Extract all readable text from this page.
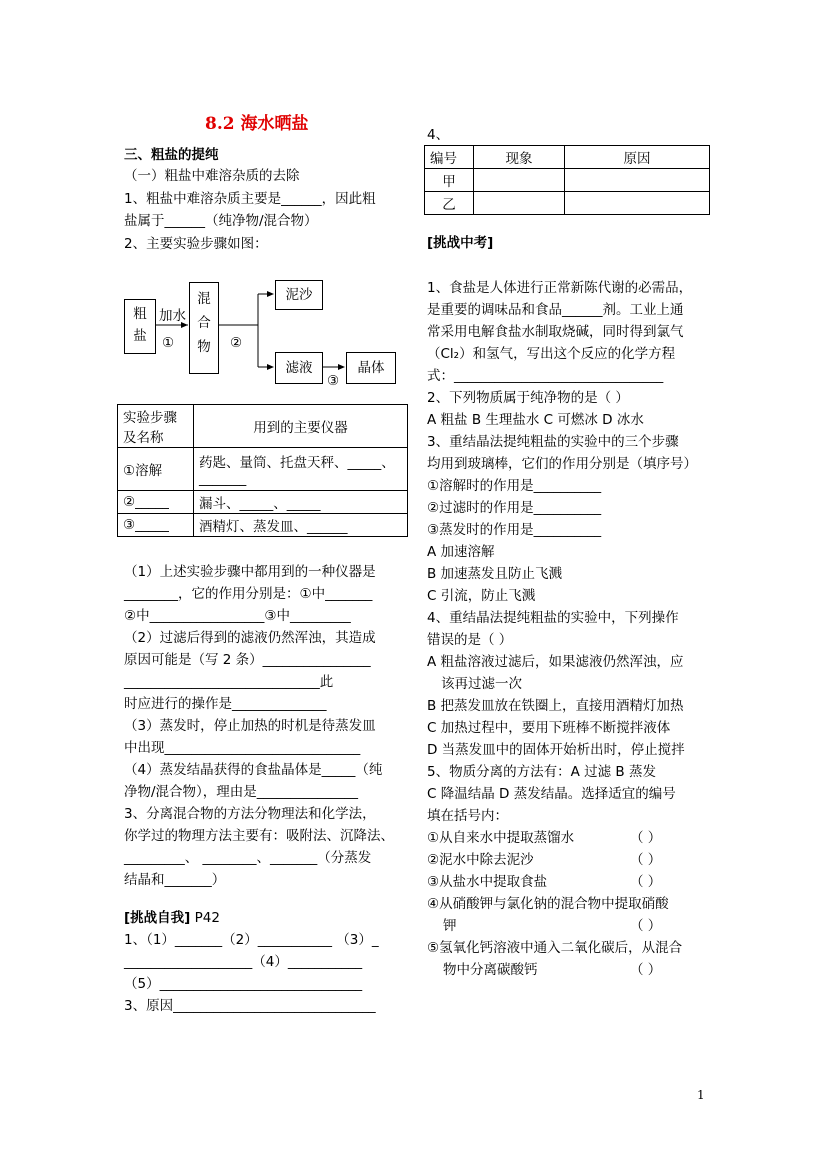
8.2 海水晒盐
三、粗盐的提纯
（一）粗盐中难溶杂质的去除
1、粗盐中难溶杂质主要是______，因此粗
盐属于______（纯净物/混合物）
2、主要实验步骤如图：
粗盐
加水
①
混合物	②
泥沙
滤液
③
晶体
实验步骤及名称	用到的主要仪器
①溶解	药匙、量筒、托盘天秤、_____、_______
②_____	漏斗、_____、_____
③_____	酒精灯、蒸发皿、______
（1）上述实验步骤中都用到的一种仪器是
________，它的作用分别是：①中_______
②中_________________③中_________
（2）过滤后得到的滤液仍然浑浊，其造成
原因可能是（写 2 条）________________
_____________________________此
时应进行的操作是______________
（3）蒸发时，停止加热的时机是待蒸发皿
中出现_____________________________
（4）蒸发结晶获得的食盐晶体是_____（纯
净物/混合物），理由是_______________
3、分离混合物的方法分物理法和化学法，
你学过的物理方法主要有：吸附法、沉降法、
_________、 ________、_______（分蒸发
结晶和_______）
[挑战自我] P42
1、（1）_______（2）___________ （3）_
___________________（4）___________
（5）______________________________
3、原因______________________________
4、
编号	现象	原因
甲		
乙		
[挑战中考]
1、食盐是人体进行正常新陈代谢的必需品，
是重要的调味品和食品______剂。工业上通
常采用电解食盐水制取烧碱，同时得到氯气
（Cl₂）和氢气，写出这个反应的化学方程
式：_______________________________
2、下列物质属于纯净物的是（ ）
A 粗盐 B 生理盐水 C 可燃冰 D 冰水
3、重结晶法提纯粗盐的实验中的三个步骤
均用到玻璃棒，它们的作用分别是（填序号）
①溶解时的作用是__________
②过滤时的作用是__________
③蒸发时的作用是__________
A 加速溶解
B 加速蒸发且防止飞溅
C 引流，防止飞溅
4、重结晶法提纯粗盐的实验中，下列操作
错误的是（ ）
A 粗盐溶液过滤后，如果滤液仍然浑浊，应
该再过滤一次
B 把蒸发皿放在铁圈上，直接用酒精灯加热
C 加热过程中，要用下班棒不断搅拌液体
D 当蒸发皿中的固体开始析出时，停止搅拌
5、物质分离的方法有：A 过滤 B 蒸发
C 降温结晶 D 蒸发结晶。选择适宜的编号
填在括号内：
①从自来水中提取蒸馏水	（ ）
②泥水中除去泥沙	（ ）
③从盐水中提取食盐	（ ）
④从硝酸钾与氯化钠的混合物中提取硝酸
钾	（ ）
⑤氢氧化钙溶液中通入二氧化碳后，从混合
物中分离碳酸钙	（ ）
1
